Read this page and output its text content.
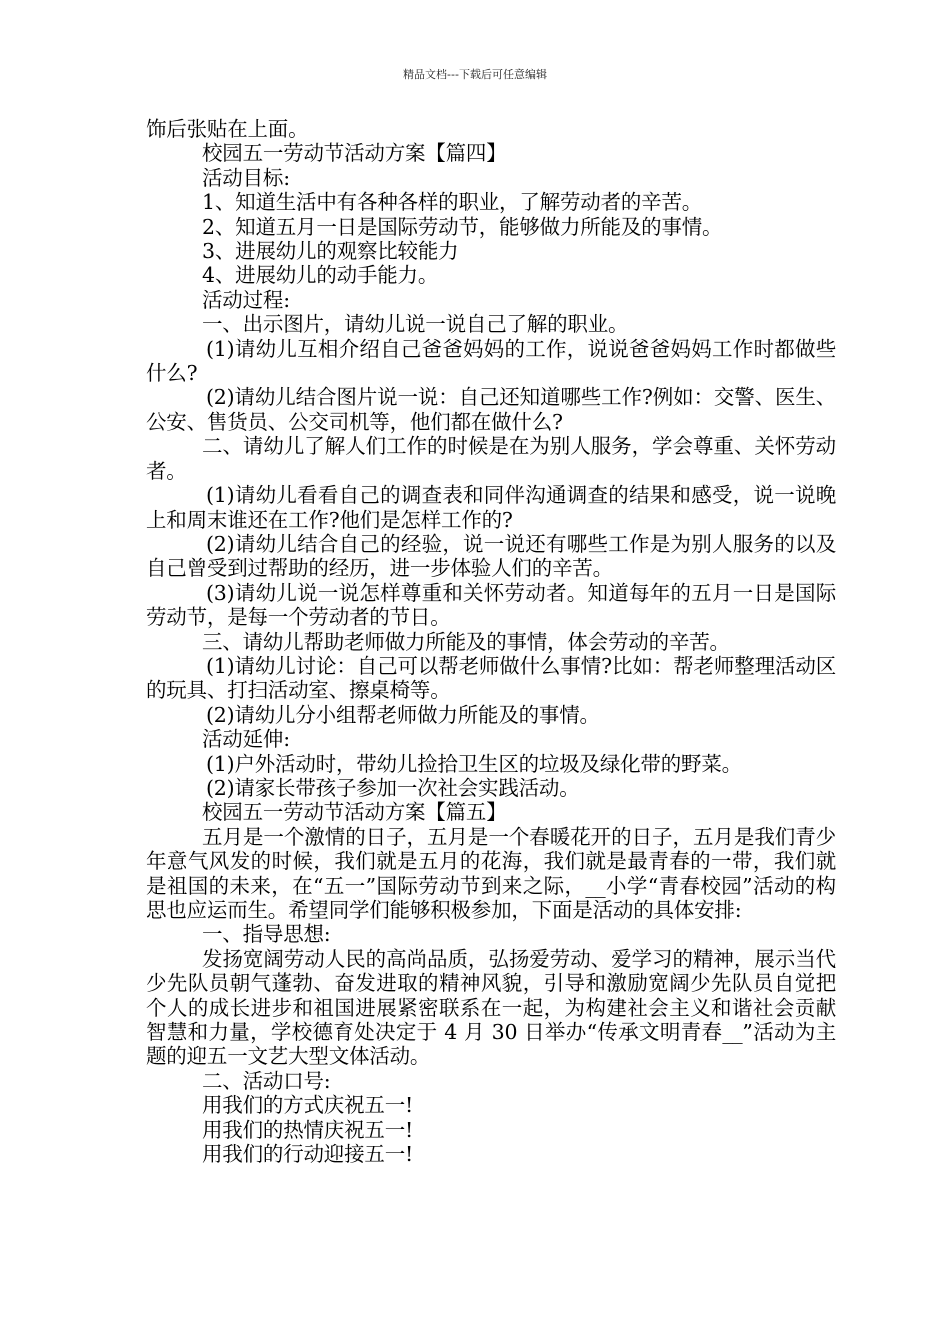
精品文档---下载后可任意编辑
饰后张贴在上面。
校园五一劳动节活动方案【篇四】
活动目标:
1、知道生活中有各种各样的职业，了解劳动者的辛苦。
2、知道五月一日是国际劳动节，能够做力所能及的事情。
3、进展幼儿的观察比较能力
4、进展幼儿的动手能力。
活动过程:
一、出示图片，请幼儿说一说自己了解的职业。
(1)请幼儿互相介绍自己爸爸妈妈的工作，说说爸爸妈妈工作时都做些什么?
(2)请幼儿结合图片说一说：自己还知道哪些工作?例如：交警、医生、公安、售货员、公交司机等，他们都在做什么?
二、请幼儿了解人们工作的时候是在为别人服务，学会尊重、关怀劳动者。
(1)请幼儿看看自己的调查表和同伴沟通调查的结果和感受，说一说晚上和周末谁还在工作?他们是怎样工作的?
(2)请幼儿结合自己的经验，说一说还有哪些工作是为别人服务的以及自己曾受到过帮助的经历，进一步体验人们的辛苦。
(3)请幼儿说一说怎样尊重和关怀劳动者。知道每年的五月一日是国际劳动节，是每一个劳动者的节日。
三、请幼儿帮助老师做力所能及的事情，体会劳动的辛苦。
(1)请幼儿讨论：自己可以帮老师做什么事情?比如：帮老师整理活动区的玩具、打扫活动室、擦桌椅等。
(2)请幼儿分小组帮老师做力所能及的事情。
活动延伸:
(1)户外活动时，带幼儿捡拾卫生区的垃圾及绿化带的野菜。
(2)请家长带孩子参加一次社会实践活动。
校园五一劳动节活动方案【篇五】
五月是一个激情的日子，五月是一个春暖花开的日子，五月是我们青少年意气风发的时候，我们就是五月的花海，我们就是最青春的一带，我们就是祖国的未来，在“五一”国际劳动节到来之际，__小学“青春校园”活动的构思也应运而生。希望同学们能够积极参加，下面是活动的具体安排:
一、指导思想:
发扬宽阔劳动人民的高尚品质，弘扬爱劳动、爱学习的精神，展示当代少先队员朝气蓬勃、奋发进取的精神风貌，引导和激励宽阔少先队员自觉把个人的成长进步和祖国进展紧密联系在一起，为构建社会主义和谐社会贡献智慧和力量，学校德育处决定于 4 月 30 日举办“传承文明青春__”活动为主题的迎五一文艺大型文体活动。
二、活动口号:
用我们的方式庆祝五一!
用我们的热情庆祝五一!
用我们的行动迎接五一!
